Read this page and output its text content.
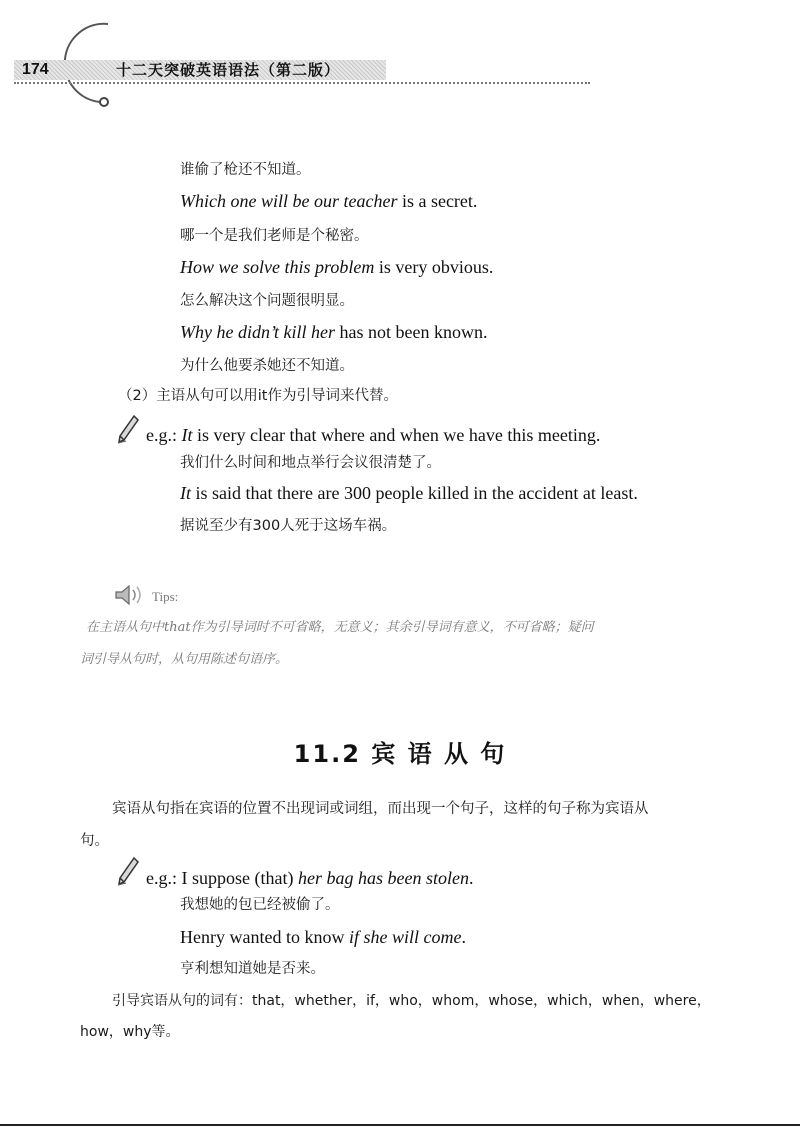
174	十二天突破英语语法（第二版）
谁偷了枪还不知道。
Which one will be our teacher is a secret.
哪一个是我们老师是个秘密。
How we solve this problem is very obvious.
怎么解决这个问题很明显。
Why he didn’t kill her has not been known.
为什么他要杀她还不知道。
（2）主语从句可以用it作为引导词来代替。
e.g.: It is very clear that where and when we have this meeting.
我们什么时间和地点举行会议很清楚了。
It is said that there are 300 people killed in the accident at least.
据说至少有300人死于这场车祸。
Tips:
在主语从句中that作为引导词时不可省略，无意义；其余引导词有意义，不可省略；疑问
词引导从句时，从句用陈述句语序。
11.2 宾 语 从 句
宾语从句指在宾语的位置不出现词或词组，而出现一个句子，这样的句子称为宾语从
句。
e.g.: I suppose (that) her bag has been stolen.
我想她的包已经被偷了。
Henry wanted to know if she will come.
亨利想知道她是否来。
引导宾语从句的词有：that，whether，if，who，whom，whose，which，when，where，
how，why等。
